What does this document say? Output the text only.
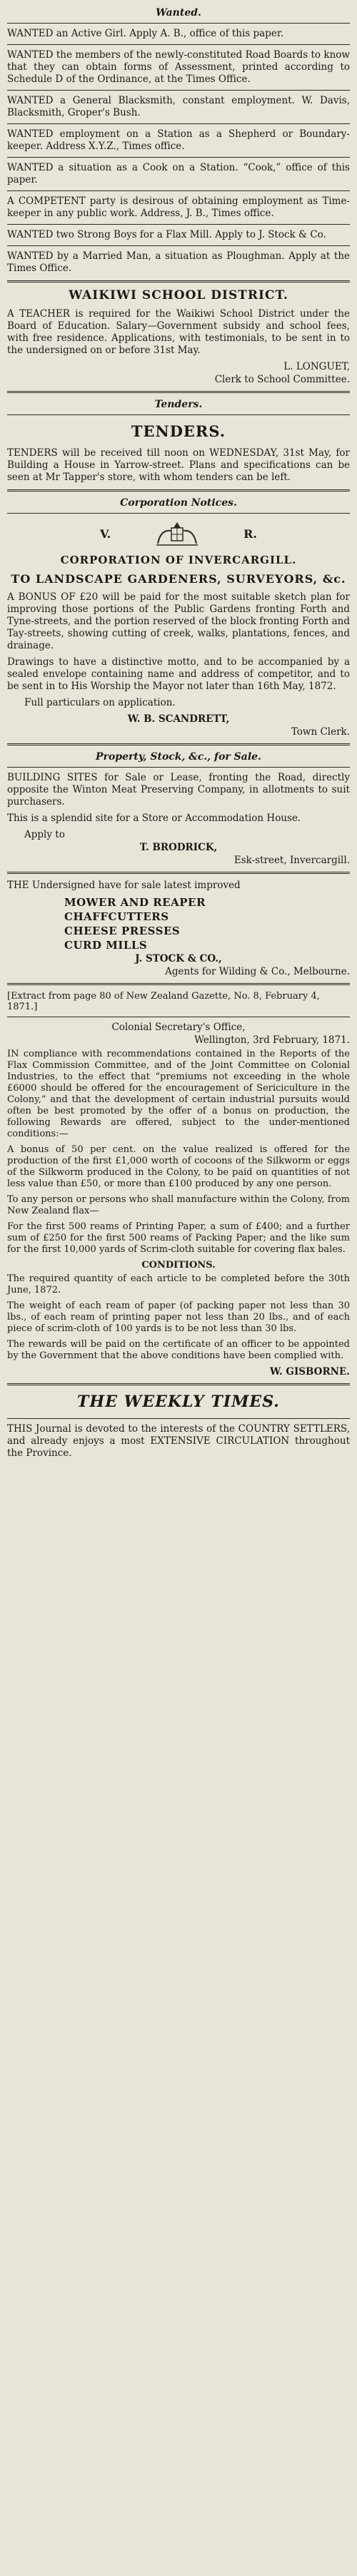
Wanted.
WANTED an Active Girl. Apply A. B., office of this paper.
WANTED the members of the newly-constituted Road Boards to know that they can obtain forms of Assessment, printed according to Schedule D of the Ordinance, at the Times Office.
WANTED a General Blacksmith, constant employment. W. Davis, Blacksmith, Groper's Bush.
WANTED employment on a Station as a Shepherd or Boundary-keeper. Address X.Y.Z., Times office.
WANTED a situation as a Cook on a Station. “Cook,” office of this paper.
A COMPETENT party is desirous of obtaining employment as Time-keeper in any public work. Address, J. B., Times office.
WANTED two Strong Boys for a Flax Mill. Apply to J. Stock & Co.
WANTED by a Married Man, a situation as Ploughman. Apply at the Times Office.
WAIKIWI SCHOOL DISTRICT.
A TEACHER is required for the Waikiwi School District under the Board of Education. Salary—Government subsidy and school fees, with free residence. Applications, with testimonials, to be sent in to the undersigned on or before 31st May.
L. LONGUET,
Clerk to School Committee.
Tenders.
TENDERS.
TENDERS will be received till noon on WEDNESDAY, 31st May, for Building a House in Yarrow-street. Plans and specifications can be seen at Mr Tapper's store, with whom tenders can be left.
Corporation Notices.
V.	R.
CORPORATION OF INVERCARGILL.
TO LANDSCAPE GARDENERS, SURVEYORS, &c.
A BONUS OF £20 will be paid for the most suitable sketch plan for improving those portions of the Public Gardens fronting Forth and Tyne-streets, and the portion reserved of the block fronting Forth and Tay-streets, showing cutting of creek, walks, plantations, fences, and drainage.
Drawings to have a distinctive motto, and to be accompanied by a sealed envelope containing name and address of competitor, and to be sent in to His Worship the Mayor not later than 16th May, 1872.
Full particulars on application.
W. B. SCANDRETT,
Town Clerk.
Property, Stock, &c., for Sale.
BUILDING SITES for Sale or Lease, fronting the Road, directly opposite the Winton Meat Preserving Company, in allotments to suit purchasers.
This is a splendid site for a Store or Accommodation House.
Apply to
T. BRODRICK,
Esk-street, Invercargill.
THE Undersigned have for sale latest improved
MOWER AND REAPER
CHAFFCUTTERS
CHEESE PRESSES
CURD MILLS
J. STOCK & CO.,
Agents for Wilding & Co., Melbourne.
[Extract from page 80 of New Zealand Gazette, No. 8, February 4, 1871.]
Colonial Secretary's Office,
Wellington, 3rd February, 1871.
IN compliance with recommendations contained in the Reports of the Flax Commission Committee, and of the Joint Committee on Colonial Industries, to the effect that “premiums not exceeding in the whole £6000 should be offered for the encouragement of Sericiculture in the Colony,” and that the development of certain industrial pursuits would often be best promoted by the offer of a bonus on production, the following Rewards are offered, subject to the under-mentioned conditions:—
A bonus of 50 per cent. on the value realized is offered for the production of the first £1,000 worth of cocoons of the Silkworm or eggs of the Silkworm produced in the Colony, to be paid on quantities of not less value than £50, or more than £100 produced by any one person.
To any person or persons who shall manufacture within the Colony, from New Zealand flax—
For the first 500 reams of Printing Paper, a sum of £400; and a further sum of £250 for the first 500 reams of Packing Paper; and the like sum for the first 10,000 yards of Scrim-cloth suitable for covering flax bales.
CONDITIONS.
The required quantity of each article to be completed before the 30th June, 1872.
The weight of each ream of paper (of packing paper not less than 30 lbs., of each ream of printing paper not less than 20 lbs., and of each piece of scrim-cloth of 100 yards is to be not less than 30 lbs.
The rewards will be paid on the certificate of an officer to be appointed by the Government that the above conditions have been complied with.
W. GISBORNE.
THE WEEKLY TIMES.
THIS Journal is devoted to the interests of the COUNTRY SETTLERS, and already enjoys a most EXTENSIVE CIRCULATION throughout the Province.
